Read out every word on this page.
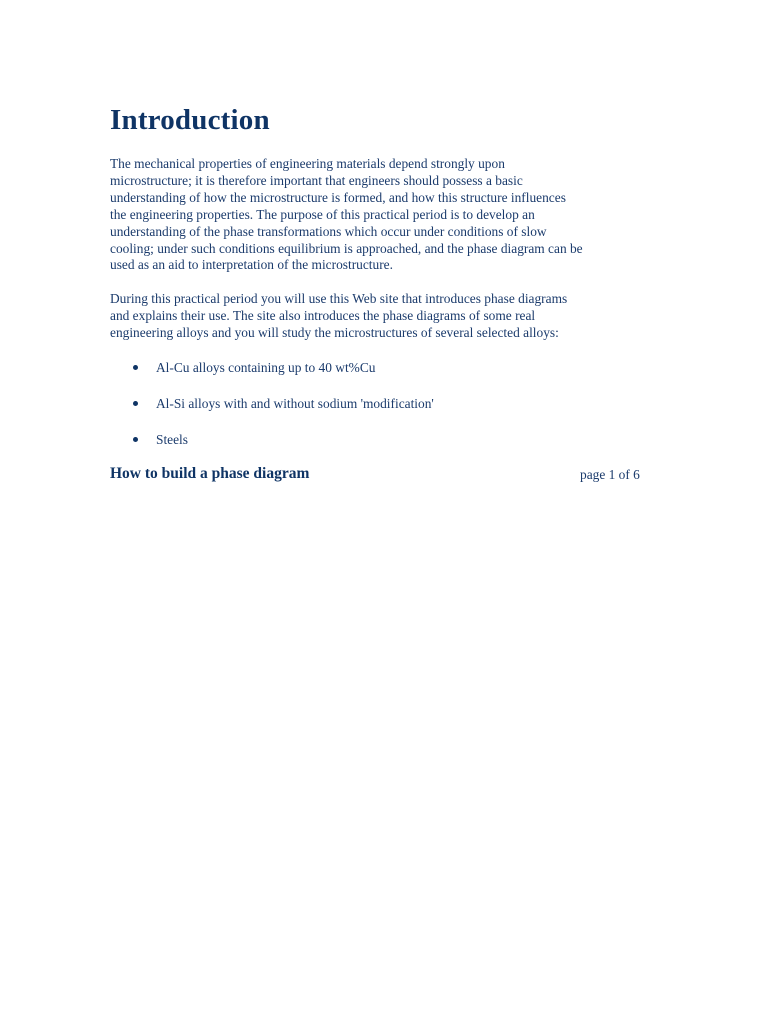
Introduction

The mechanical properties of engineering materials depend strongly upon
microstructure; it is therefore important that engineers should possess a basic
understanding of how the microstructure is formed, and how this structure influences
the engineering properties. The purpose of this practical period is to develop an
understanding of the phase transformations which occur under conditions of slow
cooling; under such conditions equilibrium is approached, and the phase diagram can be
used as an aid to interpretation of the microstructure.

During this practical period you will use this Web site that introduces phase diagrams
and explains their use. The site also introduces the phase diagrams of some real
engineering alloys and you will study the microstructures of several selected alloys:

Al-Cu alloys containing up to 40 wt%Cu
Al-Si alloys with and without sodium 'modification'
Steels
How to build a phase diagram	page 1 of 6
